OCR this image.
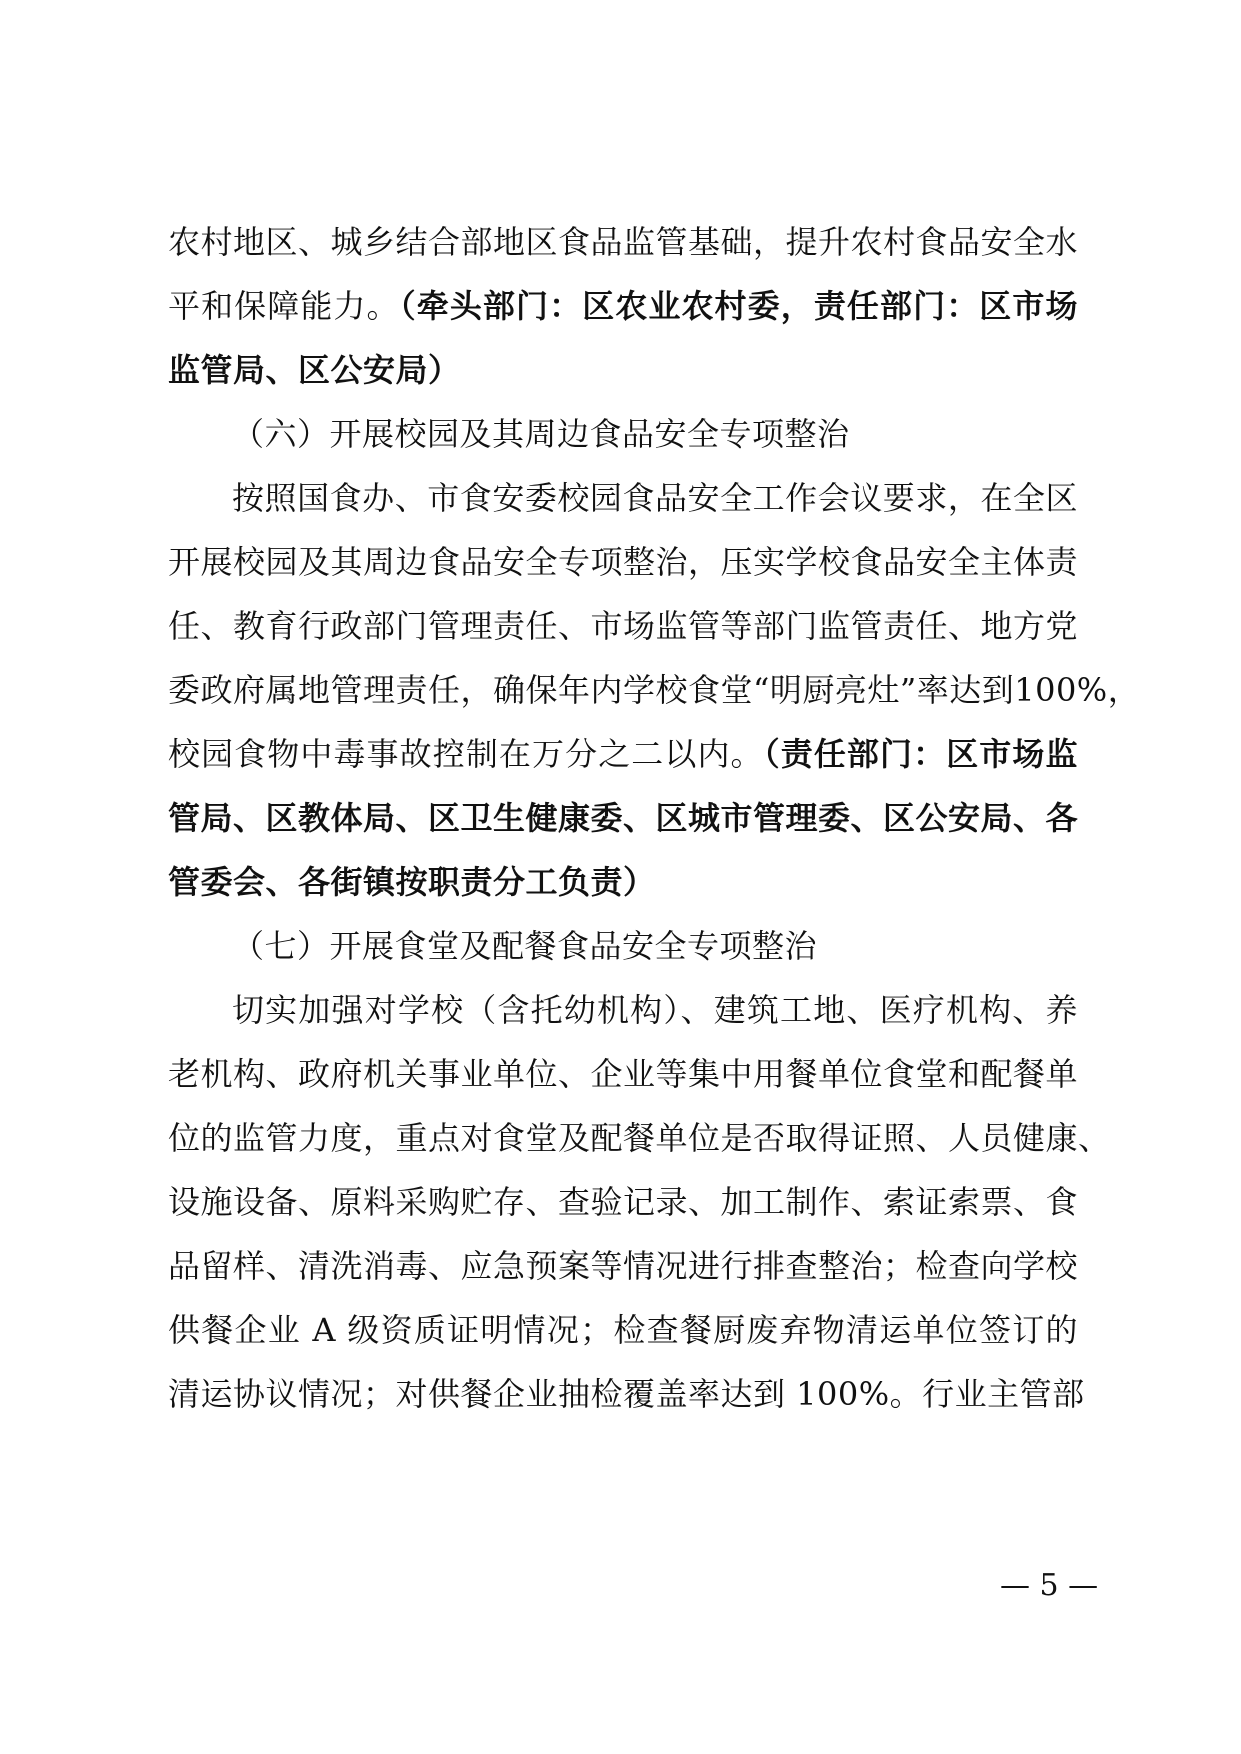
农村地区、城乡结合部地区食品监管基础，提升农村食品安全水
平和保障能力。（牵头部门：区农业农村委，责任部门：区市场
监管局、区公安局）
（六）开展校园及其周边食品安全专项整治
按照国食办、市食安委校园食品安全工作会议要求，在全区
开展校园及其周边食品安全专项整治，压实学校食品安全主体责
任、教育行政部门管理责任、市场监管等部门监管责任、地方党
委政府属地管理责任，确保年内学校食堂“明厨亮灶”率达到100%，
校园食物中毒事故控制在万分之二以内。（责任部门：区市场监
管局、区教体局、区卫生健康委、区城市管理委、区公安局、各
管委会、各街镇按职责分工负责）
（七）开展食堂及配餐食品安全专项整治
切实加强对学校（含托幼机构）、建筑工地、医疗机构、养
老机构、政府机关事业单位、企业等集中用餐单位食堂和配餐单
位的监管力度，重点对食堂及配餐单位是否取得证照、人员健康、
设施设备、原料采购贮存、查验记录、加工制作、索证索票、食
品留样、清洗消毒、应急预案等情况进行排查整治；检查向学校
供餐企业 A 级资质证明情况；检查餐厨废弃物清运单位签订的
清运协议情况；对供餐企业抽检覆盖率达到 100%。行业主管部
— 5 —
